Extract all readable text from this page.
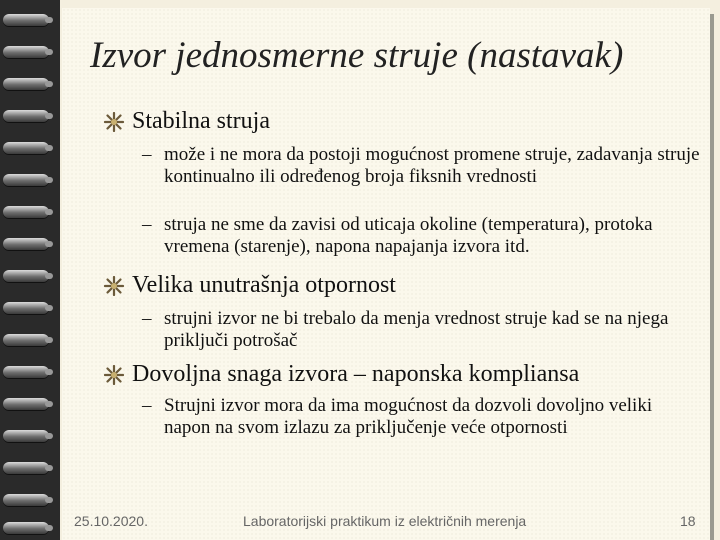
Izvor jednosmerne struje (nastavak)
Stabilna struja
– može i ne mora da postoji mogućnost promene struje, zadavanja struje kontinualno ili određenog broja fiksnih vrednosti
– struja ne sme da zavisi od uticaja okoline (temperatura), protoka vremena (starenje), napona napajanja izvora itd.
Velika unutrašnja otpornost
– strujni izvor ne bi trebalo da menja vrednost struje kad se na njega priključi potrošač
Dovoljna snaga izvora – naponska kompliansa
– Strujni izvor mora da ima mogućnost da dozvoli dovoljno veliki napon na svom izlazu za priključenje veće otpornosti
25.10.2020.	Laboratorijski praktikum iz električnih merenja	18
